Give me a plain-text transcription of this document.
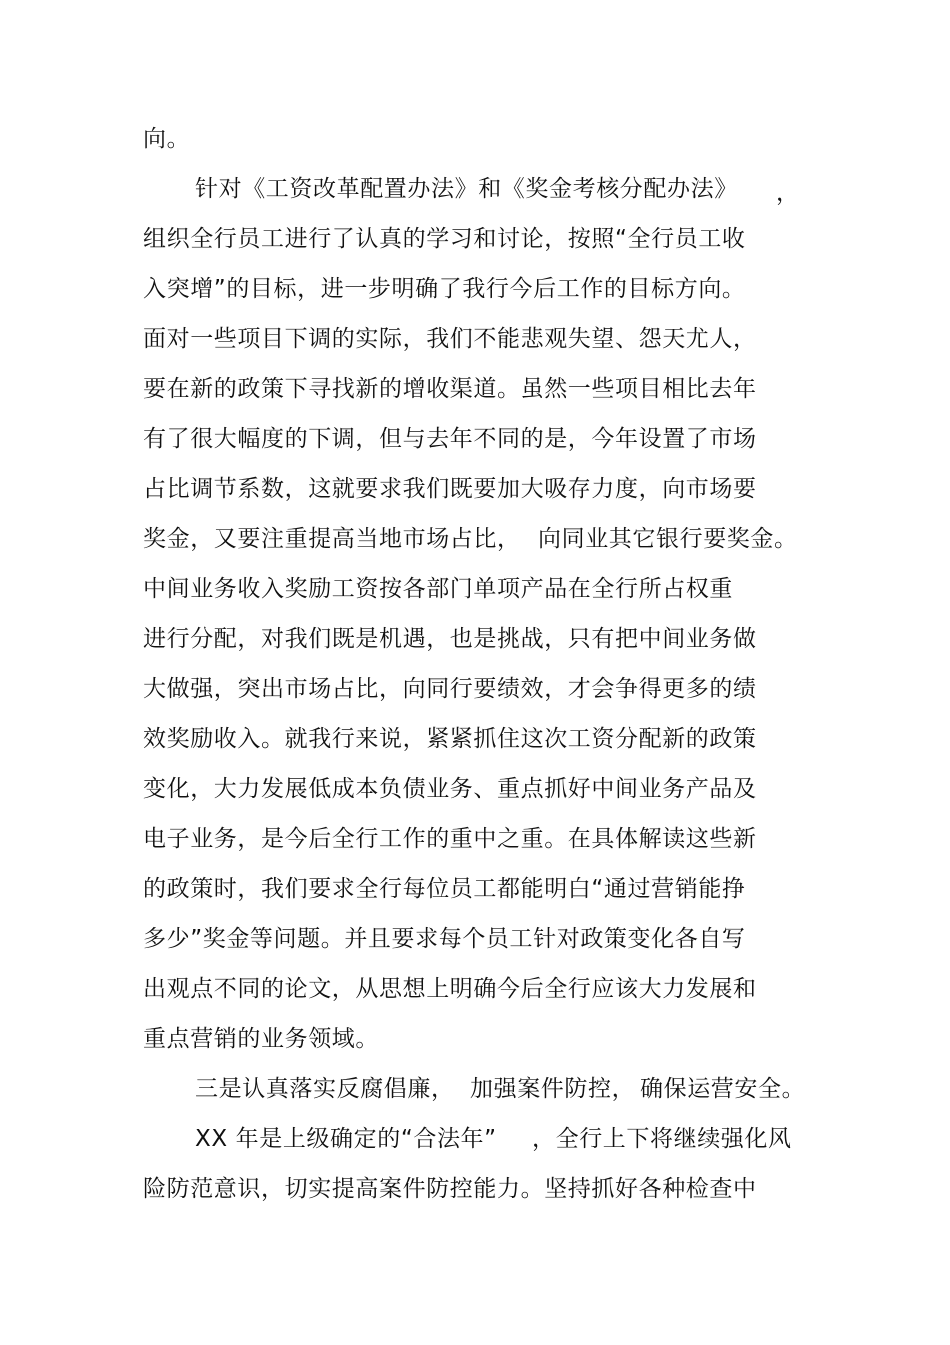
向。
针对《工资改革配置办法》和《奖金考核分配办法》 ，
组织全行员工进行了认真的学习和讨论，按照“全行员工收
入突增”的目标，进一步明确了我行今后工作的目标方向。
面对一些项目下调的实际，我们不能悲观失望、怨天尤人，
要在新的政策下寻找新的增收渠道。虽然一些项目相比去年
有了很大幅度的下调，但与去年不同的是，今年设置了市场
占比调节系数，这就要求我们既要加大吸存力度，向市场要
奖金，又要注重提高当地市场占比， 向同业其它银行要奖金。
中间业务收入奖励工资按各部门单项产品在全行所占权重
进行分配，对我们既是机遇，也是挑战，只有把中间业务做
大做强，突出市场占比，向同行要绩效，才会争得更多的绩
效奖励收入。就我行来说，紧紧抓住这次工资分配新的政策
变化，大力发展低成本负债业务、重点抓好中间业务产品及
电子业务，是今后全行工作的重中之重。在具体解读这些新
的政策时，我们要求全行每位员工都能明白“通过营销能挣
多少”奖金等问题。并且要求每个员工针对政策变化各自写
出观点不同的论文，从思想上明确今后全行应该大力发展和
重点营销的业务领域。
三是认真落实反腐倡廉， 加强案件防控， 确保运营安全。
XX 年是上级确定的“合法年” ，全行上下将继续强化风
险防范意识，切实提高案件防控能力。坚持抓好各种检查中
